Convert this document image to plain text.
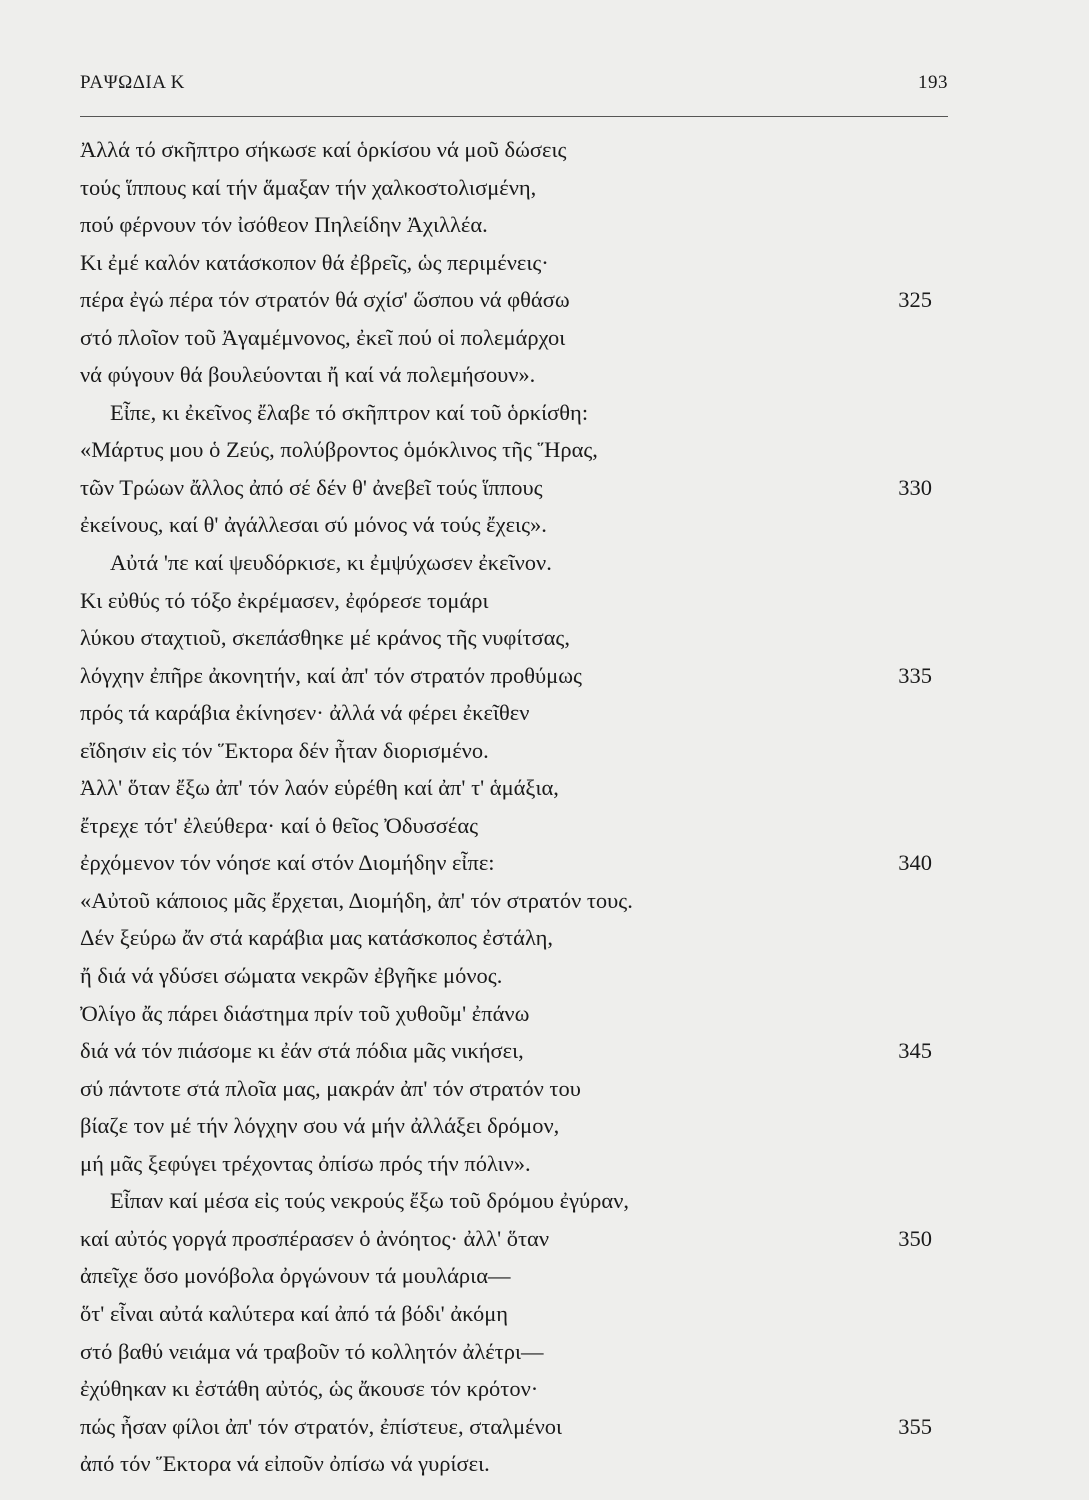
ΡΑΨΩΔΙΑ Κ	193
Ἀλλά τό σκῆπτρο σήκωσε καί ὁρκίσου νά μοῦ δώσεις
τούς ἵππους καί τήν ἅμαξαν τήν χαλκοστολισμένη,
πού φέρνουν τόν ἰσόθεον Πηλείδην Ἀχιλλέα.
Κι ἐμέ καλόν κατάσκοπον θά ἐβρεῖς, ὡς περιμένεις·
πέρα ἐγώ πέρα τόν στρατόν θά σχίσ' ὥσπου νά φθάσω	325
στό πλοῖον τοῦ Ἀγαμέμνονος, ἐκεῖ πού οἱ πολεμάρχοι
νά φύγουν θά βουλεύονται ἤ καί νά πολεμήσουν».
Εἶπε, κι ἐκεῖνος ἔλαβε τό σκῆπτρον καί τοῦ ὁρκίσθη:
«Μάρτυς μου ὁ Ζεύς, πολύβροντος ὁμόκλινος τῆς Ἥρας,
τῶν Τρώων ἄλλος ἀπό σέ δέν θ' ἀνεβεῖ τούς ἵππους	330
ἐκείνους, καί θ' ἀγάλλεσαι σύ μόνος νά τούς ἔχεις».
Αὐτά 'πε καί ψευδόρκισε, κι ἐμψύχωσεν ἐκεῖνον.
Κι εὐθύς τό τόξο ἐκρέμασεν, ἐφόρεσε τομάρι
λύκου σταχτιοῦ, σκεπάσθηκε μέ κράνος τῆς νυφίτσας,
λόγχην ἐπῆρε ἀκονητήν, καί ἀπ' τόν στρατόν προθύμως	335
πρός τά καράβια ἐκίνησεν· ἀλλά νά φέρει ἐκεῖθεν
εἴδησιν εἰς τόν Ἕκτορα δέν ἦταν διορισμένο.
Ἀλλ' ὅταν ἔξω ἀπ' τόν λαόν εὑρέθη καί ἀπ' τ' ἁμάξια,
ἔτρεχε τότ' ἐλεύθερα· καί ὁ θεῖος Ὀδυσσέας
ἐρχόμενον τόν νόησε καί στόν Διομήδην εἶπε:	340
«Αὐτοῦ κάποιος μᾶς ἔρχεται, Διομήδη, ἀπ' τόν στρατόν τους.
Δέν ξεύρω ἄν στά καράβια μας κατάσκοπος ἐστάλη,
ἤ διά νά γδύσει σώματα νεκρῶν ἐβγῆκε μόνος.
Ὀλίγο ἄς πάρει διάστημα πρίν τοῦ χυθοῦμ' ἐπάνω
διά νά τόν πιάσομε κι ἐάν στά πόδια μᾶς νικήσει,	345
σύ πάντοτε στά πλοῖα μας, μακράν ἀπ' τόν στρατόν του
βίαζε τον μέ τήν λόγχην σου νά μήν ἀλλάξει δρόμον,
μή μᾶς ξεφύγει τρέχοντας ὀπίσω πρός τήν πόλιν».
Εἶπαν καί μέσα εἰς τούς νεκρούς ἔξω τοῦ δρόμου ἐγύραν,
καί αὐτός γοργά προσπέρασεν ὁ ἀνόητος· ἀλλ' ὅταν	350
ἀπεῖχε ὅσο μονόβολα ὀργώνουν τά μουλάρια—
ὅτ' εἶναι αὐτά καλύτερα καί ἀπό τά βόδι' ἀκόμη
στό βαθύ νειάμα νά τραβοῦν τό κολλητόν ἀλέτρι—
ἐχύθηκαν κι ἐστάθη αὐτός, ὡς ἄκουσε τόν κρότον·
πώς ἦσαν φίλοι ἀπ' τόν στρατόν, ἐπίστευε, σταλμένοι	355
ἀπό τόν Ἕκτορα νά εἰποῦν ὀπίσω νά γυρίσει.
